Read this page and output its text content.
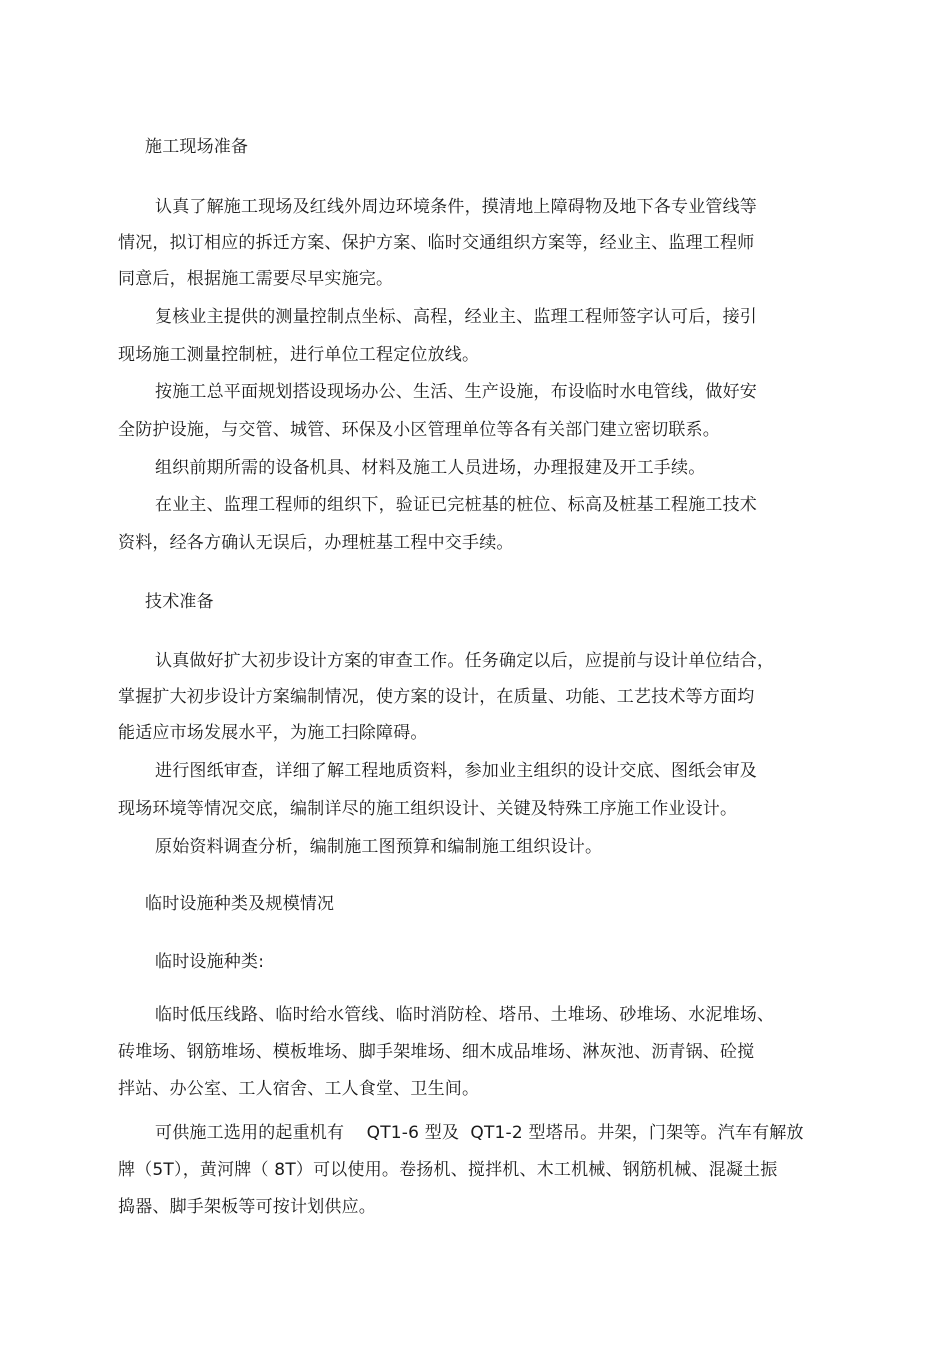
施工现场准备
认真了解施工现场及红线外周边环境条件，摸清地上障碍物及地下各专业管线等
情况，拟订相应的拆迁方案、保护方案、临时交通组织方案等，经业主、监理工程师
同意后，根据施工需要尽早实施完。
复核业主提供的测量控制点坐标、高程，经业主、监理工程师签字认可后，接引
现场施工测量控制桩，进行单位工程定位放线。
按施工总平面规划搭设现场办公、生活、生产设施，布设临时水电管线，做好安
全防护设施，与交管、城管、环保及小区管理单位等各有关部门建立密切联系。
组织前期所需的设备机具、材料及施工人员进场，办理报建及开工手续。
在业主、监理工程师的组织下，验证已完桩基的桩位、标高及桩基工程施工技术
资料，经各方确认无误后，办理桩基工程中交手续。
技术准备
认真做好扩大初步设计方案的审查工作。任务确定以后，应提前与设计单位结合，
掌握扩大初步设计方案编制情况，使方案的设计，在质量、功能、工艺技术等方面均
能适应市场发展水平，为施工扫除障碍。
进行图纸审查，详细了解工程地质资料，参加业主组织的设计交底、图纸会审及
现场环境等情况交底，编制详尽的施工组织设计、关键及特殊工序施工作业设计。
原始资料调查分析，编制施工图预算和编制施工组织设计。
临时设施种类及规模情况
临时设施种类:
临时低压线路、临时给水管线、临时消防栓、塔吊、土堆场、砂堆场、水泥堆场、
砖堆场、钢筋堆场、模板堆场、脚手架堆场、细木成品堆场、淋灰池、沥青锅、砼搅
拌站、办公室、工人宿舍、工人食堂、卫生间。
可供施工选用的起重机有    QT1-6 型及  QT1-2 型塔吊。井架，门架等。汽车有解放
牌（5T），黄河牌（ 8T）可以使用。卷扬机、搅拌机、木工机械、钢筋机械、混凝土振
捣器、脚手架板等可按计划供应。
